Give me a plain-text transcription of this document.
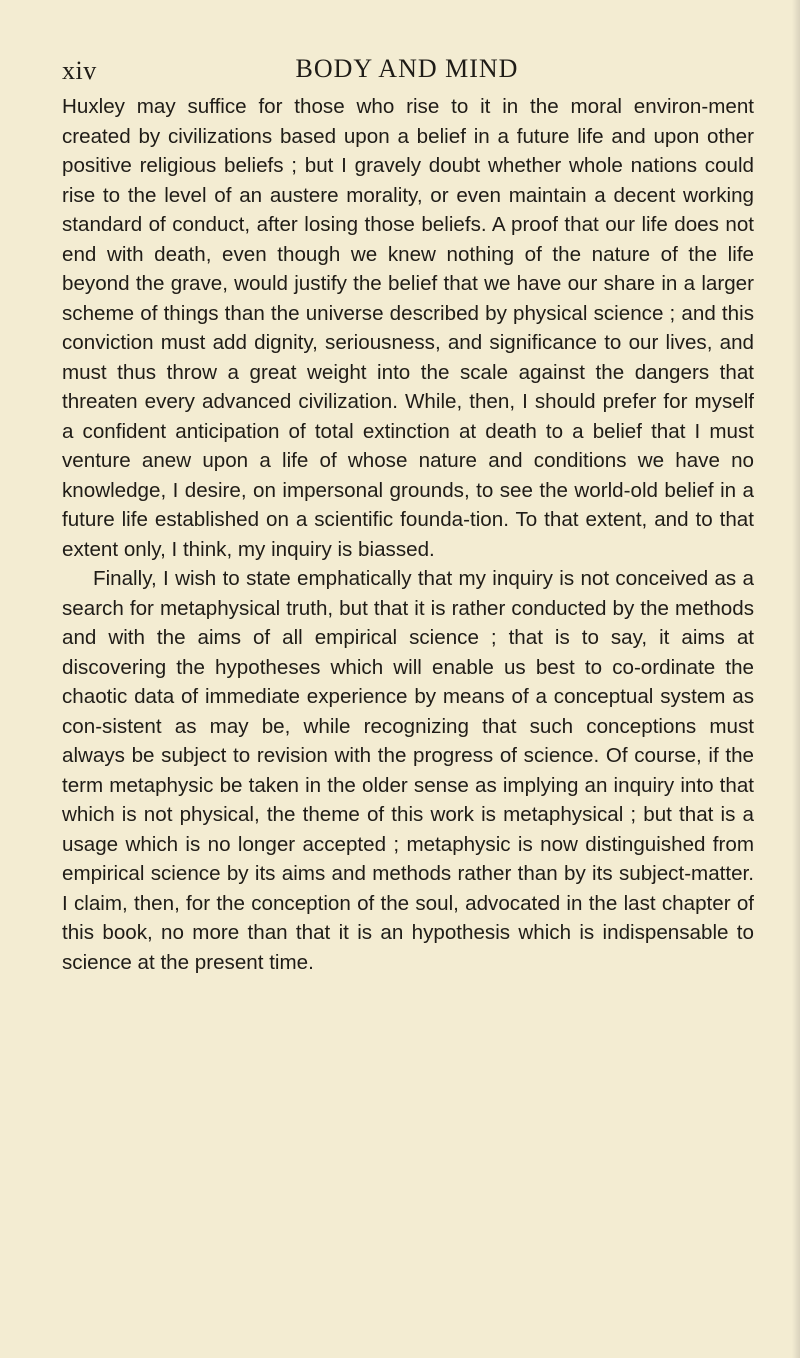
xiv	BODY AND MIND

Huxley may suffice for those who rise to it in the moral environ-ment created by civilizations based upon a belief in a future life and upon other positive religious beliefs ; but I gravely doubt whether whole nations could rise to the level of an austere morality, or even maintain a decent working standard of conduct, after losing those beliefs. A proof that our life does not end with death, even though we knew nothing of the nature of the life beyond the grave, would justify the belief that we have our share in a larger scheme of things than the universe described by physical science ; and this conviction must add dignity, seriousness, and significance to our lives, and must thus throw a great weight into the scale against the dangers that threaten every advanced civilization. While, then, I should prefer for myself a confident anticipation of total extinction at death to a belief that I must venture anew upon a life of whose nature and conditions we have no knowledge, I desire, on impersonal grounds, to see the world-old belief in a future life established on a scientific founda-tion. To that extent, and to that extent only, I think, my inquiry is biassed.

Finally, I wish to state emphatically that my inquiry is not conceived as a search for metaphysical truth, but that it is rather conducted by the methods and with the aims of all empirical science ; that is to say, it aims at discovering the hypotheses which will enable us best to co-ordinate the chaotic data of immediate experience by means of a conceptual system as con-sistent as may be, while recognizing that such conceptions must always be subject to revision with the progress of science. Of course, if the term metaphysic be taken in the older sense as implying an inquiry into that which is not physical, the theme of this work is metaphysical ; but that is a usage which is no longer accepted ; metaphysic is now distinguished from empirical science by its aims and methods rather than by its subject-matter. I claim, then, for the conception of the soul, advocated in the last chapter of this book, no more than that it is an hypothesis which is indispensable to science at the present time.
